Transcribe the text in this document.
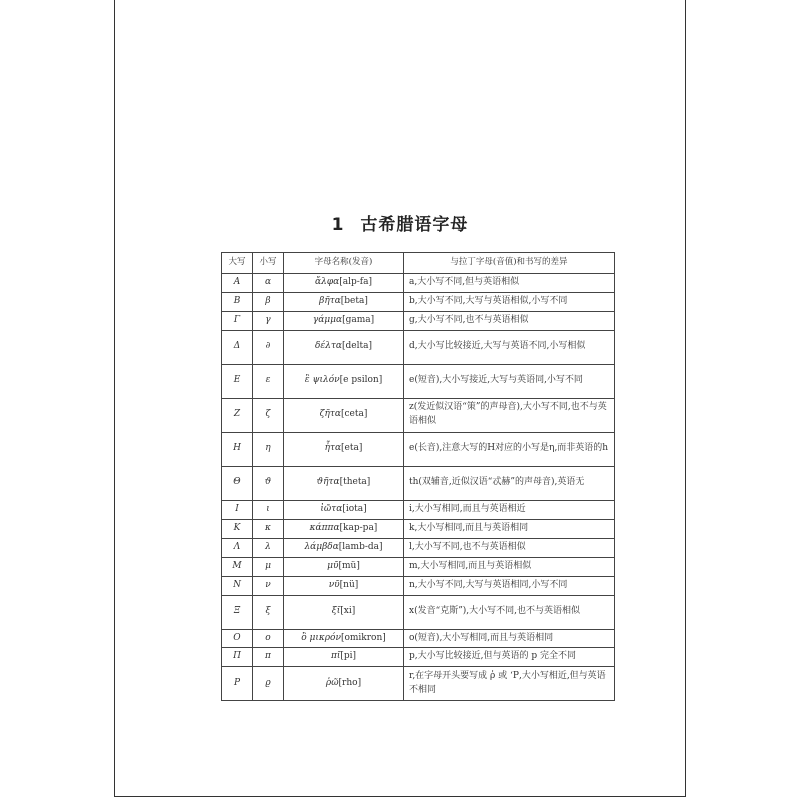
1 古希腊语字母
大写	小写	字母名称(发音)	与拉丁字母(音值)和书写的差异
Α	α	ἄλφα[alp-fa]	a,大小写不同,但与英语相似
Β	β	βῆτα[beta]	b,大小写不同,大写与英语相似,小写不同
Γ	γ	γάμμα[gama]	g,大小写不同,也不与英语相似
Δ	∂	δέλτα[delta]	d,大小写比较接近,大写与英语不同,小写相似
Ε	ε	ἒ ψιλόν[e psilon]	e(短音),大小写接近,大写与英语同,小写不同
Ζ	ζ	ζῆτα[ceta]	z(发近似汉语“策”的声母音),大小写不同,也不与英语相似
Η	η	ἦτα[eta]	e(长音),注意大写的H对应的小写是η,而非英语的h
Θ	ϑ	ϑῆτα[theta]	th(双辅音,近似汉语“忒赫”的声母音),英语无
Ι	ι	ἰῶτα[iota]	i,大小写相同,而且与英语相近
Κ	κ	κάππα[kap-pa]	k,大小写相同,而且与英语相同
Λ	λ	λάμβδα[lamb-da]	l,大小写不同,也不与英语相似
Μ	μ	μῦ[mü]	m,大小写相同,而且与英语相似
Ν	ν	νῦ[nü]	n,大小写不同,大写与英语相同,小写不同
Ξ	ξ	ξῖ[xi]	x(发音“克斯”),大小写不同,也不与英语相似
Ο	ο	ὂ μικρόν[omikron]	o(短音),大小写相同,而且与英语相同
Π	π	πῖ[pi]	p,大小写比较接近,但与英语的 p 完全不同
Ρ	ϱ	ῥῶ[rho]	r,在字母开头要写成 ῥ 或 ‘Ρ,大小写相近,但与英语不相同
